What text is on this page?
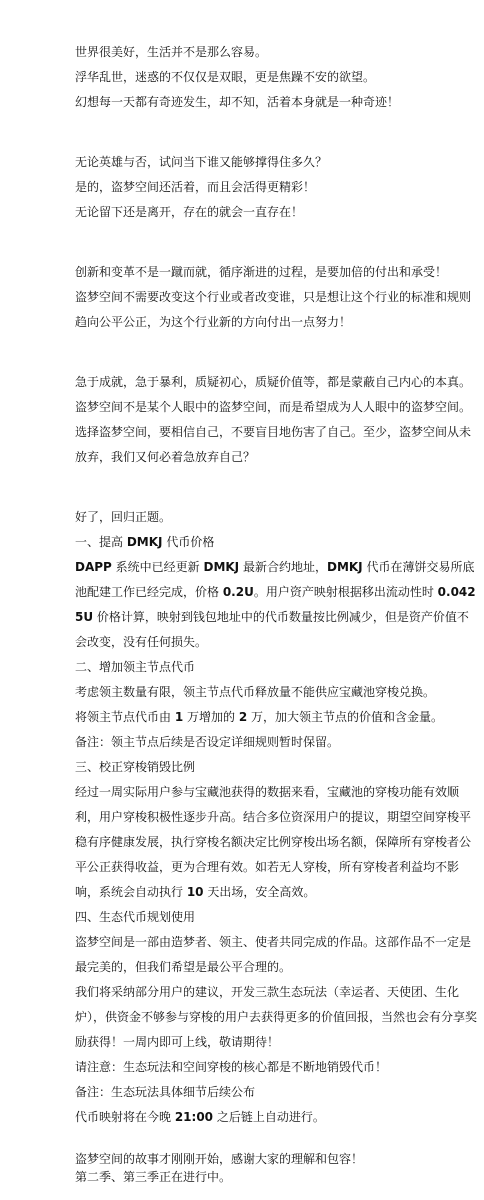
世界很美好，生活并不是那么容易。

浮华乱世，迷惑的不仅仅是双眼，更是焦躁不安的欲望。

幻想每一天都有奇迹发生，却不知，活着本身就是一种奇迹！

无论英雄与否，试问当下谁又能够撑得住多久？

是的，盗梦空间还活着，而且会活得更精彩！

无论留下还是离开，存在的就会一直存在！

创新和变革不是一蹴而就，循序渐进的过程，是要加倍的付出和承受！

盗梦空间不需要改变这个行业或者改变谁，只是想让这个行业的标准和规则趋向公平公正，为这个行业新的方向付出一点努力！

急于成就，急于暴利，质疑初心，质疑价值等，都是蒙蔽自己内心的本真。盗梦空间不是某个人眼中的盗梦空间，而是希望成为人人眼中的盗梦空间。选择盗梦空间，要相信自己，不要盲目地伤害了自己。至少，盗梦空间从未放弃，我们又何必着急放弃自己？

好了，回归正题。

一、提高 DMKJ 代币价格

DAPP 系统中已经更新 DMKJ 最新合约地址，DMKJ 代币在薄饼交易所底池配建工作已经完成，价格 0.2U。用户资产映射根据移出流动性时 0.0425U 价格计算，映射到钱包地址中的代币数量按比例减少，但是资产价值不会改变，没有任何损失。

二、增加领主节点代币

考虑领主数量有限，领主节点代币释放量不能供应宝藏池穿梭兑换。

将领主节点代币由 1 万增加的 2 万，加大领主节点的价值和含金量。

备注：领主节点后续是否设定详细规则暂时保留。

三、校正穿梭销毁比例

经过一周实际用户参与宝藏池获得的数据来看，宝藏池的穿梭功能有效顺利，用户穿梭积极性逐步升高。结合多位资深用户的提议，期望空间穿梭平稳有序健康发展，执行穿梭名额决定比例穿梭出场名额，保障所有穿梭者公平公正获得收益，更为合理有效。如若无人穿梭，所有穿梭者利益均不影响，系统会自动执行 10 天出场，安全高效。

四、生态代币规划使用

盗梦空间是一部由造梦者、领主、使者共同完成的作品。这部作品不一定是最完美的，但我们希望是最公平合理的。

我们将采纳部分用户的建议，开发三款生态玩法（幸运者、天使团、生化炉），供资金不够参与穿梭的用户去获得更多的价值回报，当然也会有分享奖励获得！一周内即可上线，敬请期待！

请注意：生态玩法和空间穿梭的核心都是不断地销毁代币！

备注：生态玩法具体细节后续公布

代币映射将在今晚 21:00 之后链上自动进行。

盗梦空间的故事才刚刚开始，感谢大家的理解和包容！

第二季、第三季正在进行中。
